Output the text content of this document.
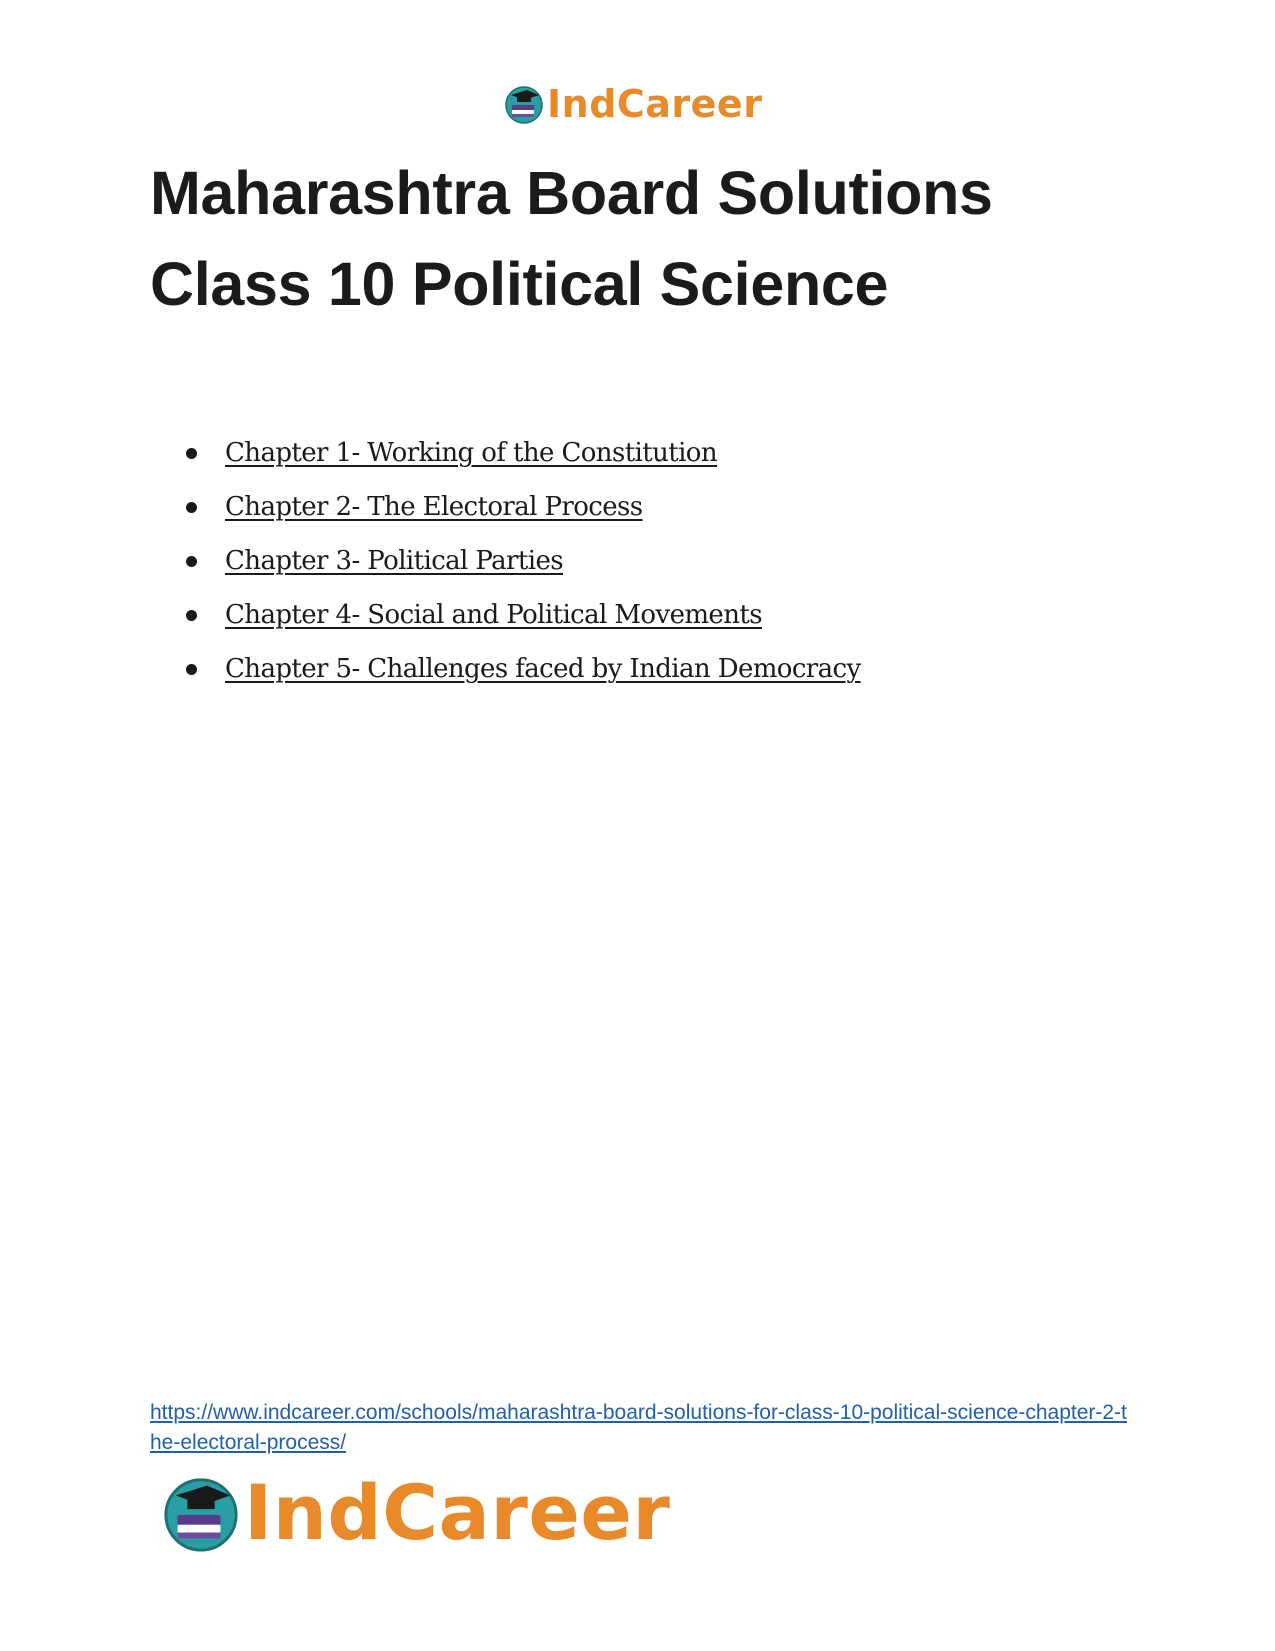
IndCareer
Maharashtra Board Solutions
Class 10 Political Science
Chapter 1- Working of the Constitution
Chapter 2- The Electoral Process
Chapter 3- Political Parties
Chapter 4- Social and Political Movements
Chapter 5- Challenges faced by Indian Democracy
https://www.indcareer.com/schools/maharashtra-board-solutions-for-class-10-political-science-chapter-2-the-electoral-process/
IndCareer
